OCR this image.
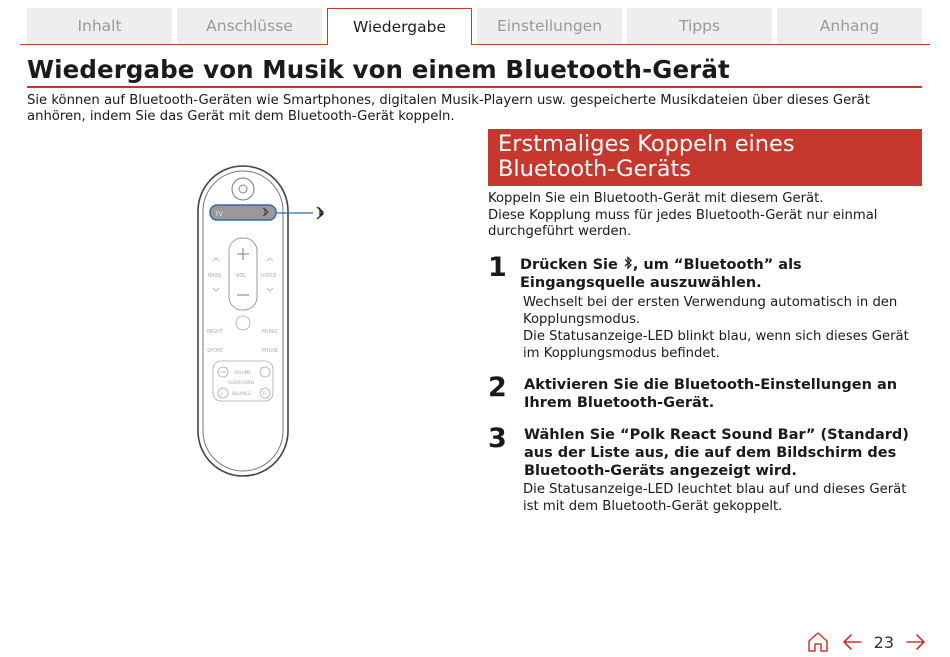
Inhalt	Anschlüsse	Wiedergabe	Einstellungen	Tipps	Anhang
Wiedergabe von Musik von einem Bluetooth-Gerät
Sie können auf Bluetooth-Geräten wie Smartphones, digitalen Musik-Playern usw. gespeicherte Musikdateien über dieses Gerät anhören, indem Sie das Gerät mit dem Bluetooth-Gerät koppeln.
TV
VOL
BASS	VOICE
NIGHT	MUSIC
SPORT	MOVIE
VOLUME
SURROUND
L	R
BALANCE
Erstmaliges Koppeln eines Bluetooth-Geräts
Koppeln Sie ein Bluetooth-Gerät mit diesem Gerät.
Diese Kopplung muss für jedes Bluetooth-Gerät nur einmal durchgeführt werden.
1 Drücken Sie , um “Bluetooth” als Eingangsquelle auszuwählen.
Wechselt bei der ersten Verwendung automatisch in den Kopplungsmodus.
Die Statusanzeige-LED blinkt blau, wenn sich dieses Gerät im Kopplungsmodus befindet.
2 Aktivieren Sie die Bluetooth-Einstellungen an Ihrem Bluetooth-Gerät.
3 Wählen Sie “Polk React Sound Bar” (Standard) aus der Liste aus, die auf dem Bildschirm des Bluetooth-Geräts angezeigt wird.
Die Statusanzeige-LED leuchtet blau auf und dieses Gerät ist mit dem Bluetooth-Gerät gekoppelt.
23
